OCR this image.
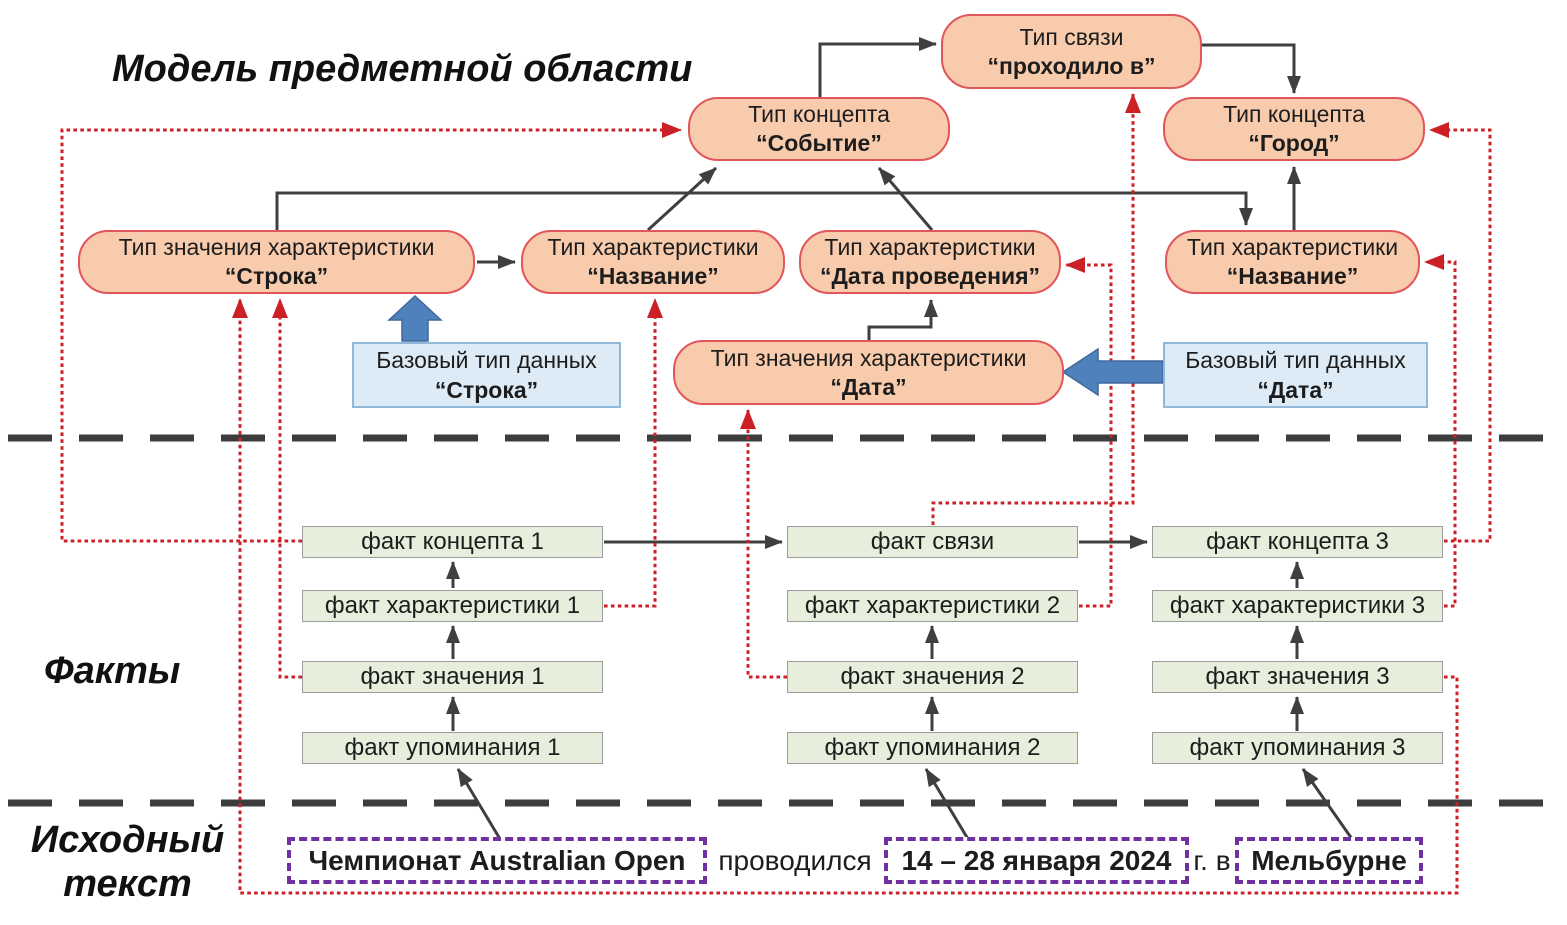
Модель предметной области
Факты
Исходный
текст
Тип связи
“проходило в”
Тип концепта
“Событие”
Тип концепта
“Город”
Тип значения характеристики
“Строка”
Тип характеристики
“Название”
Тип характеристики
“Дата проведения”
Тип характеристики
“Название”
Тип значения характеристики
“Дата”
Базовый тип данных
“Строка”
Базовый тип данных
“Дата”
факт концепта 1
факт характеристики 1
факт значения 1
факт упоминания 1
факт связи
факт характеристики 2
факт значения 2
факт упоминания 2
факт концепта 3
факт характеристики 3
факт значения 3
факт упоминания 3
Чемпионат Australian Open	проводился	14 – 28 января 2024 г. в Мельбурне
